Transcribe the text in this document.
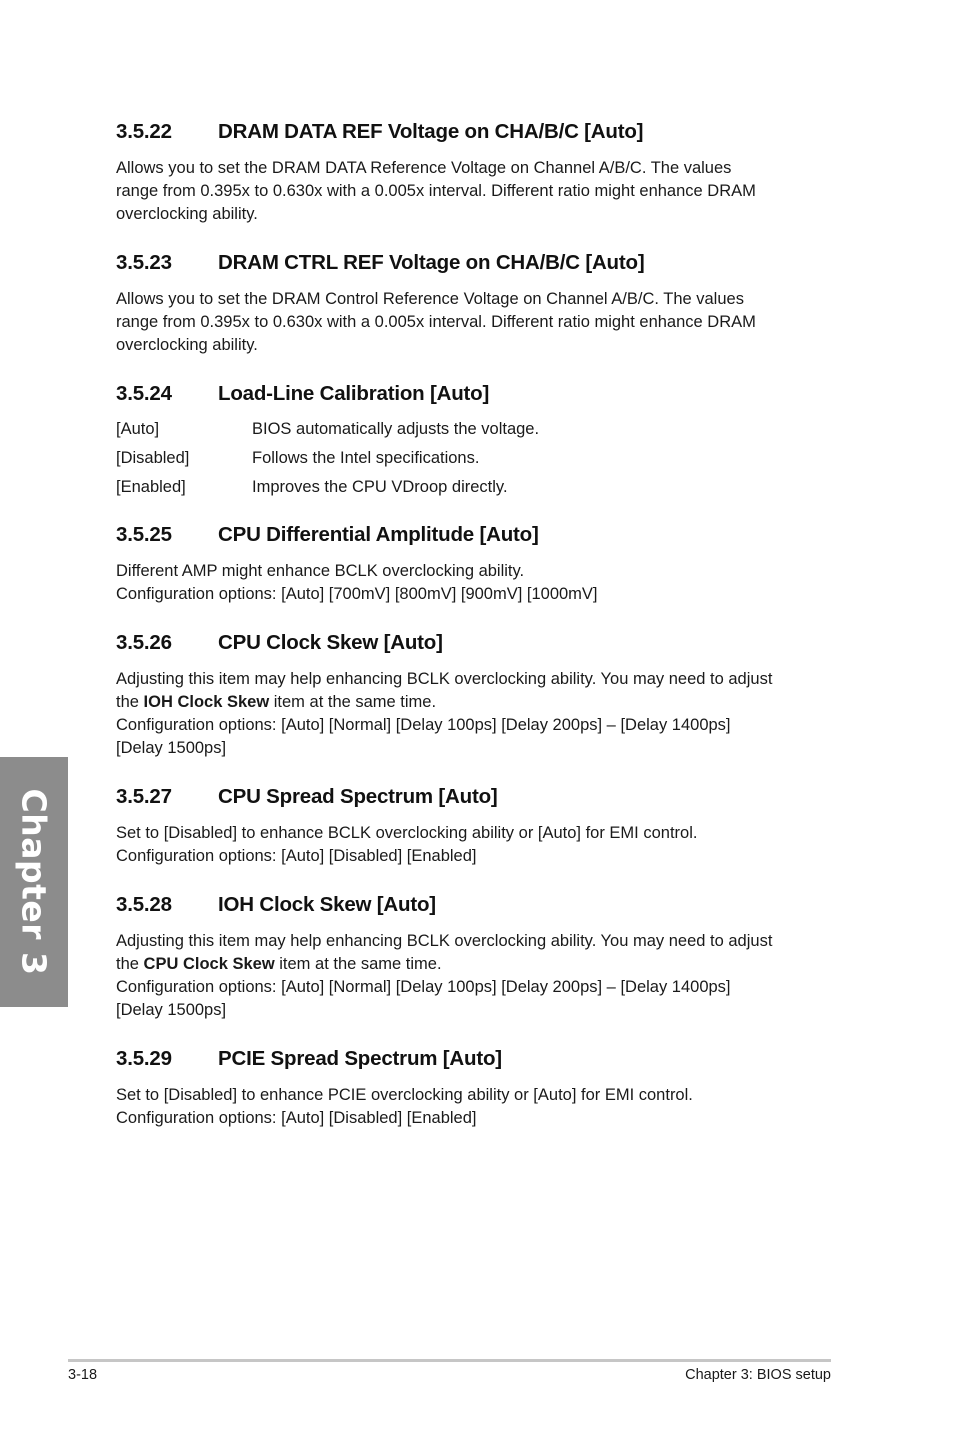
3.5.22	DRAM DATA REF Voltage on CHA/B/C [Auto]

Allows you to set the DRAM DATA Reference Voltage on Channel A/B/C. The values
range from 0.395x to 0.630x with a 0.005x interval. Different ratio might enhance DRAM
overclocking ability.

3.5.23	DRAM CTRL REF Voltage on CHA/B/C [Auto]

Allows you to set the DRAM Control Reference Voltage on Channel A/B/C. The values
range from 0.395x to 0.630x with a 0.005x interval. Different ratio might enhance DRAM
overclocking ability.

3.5.24	Load-Line Calibration [Auto]
[Auto]	BIOS automatically adjusts the voltage.
[Disabled]	Follows the Intel specifications.
[Enabled]	Improves the CPU VDroop directly.
3.5.25	CPU Differential Amplitude [Auto]

Different AMP might enhance BCLK overclocking ability.
Configuration options: [Auto] [700mV] [800mV] [900mV] [1000mV]

3.5.26	CPU Clock Skew [Auto]

Adjusting this item may help enhancing BCLK overclocking ability. You may need to adjust
the IOH Clock Skew item at the same time.
Configuration options: [Auto] [Normal] [Delay 100ps] [Delay 200ps] – [Delay 1400ps]
[Delay 1500ps]

3.5.27	CPU Spread Spectrum [Auto]

Set to [Disabled] to enhance BCLK overclocking ability or [Auto] for EMI control.
Configuration options: [Auto] [Disabled] [Enabled]

3.5.28	IOH Clock Skew [Auto]

Adjusting this item may help enhancing BCLK overclocking ability. You may need to adjust
the CPU Clock Skew item at the same time.
Configuration options: [Auto] [Normal] [Delay 100ps] [Delay 200ps] – [Delay 1400ps]
[Delay 1500ps]

3.5.29	PCIE Spread Spectrum [Auto]

Set to [Disabled] to enhance PCIE overclocking ability or [Auto] for EMI control.
Configuration options: [Auto] [Disabled] [Enabled]

Chapter 3
3-18	Chapter 3: BIOS setup
